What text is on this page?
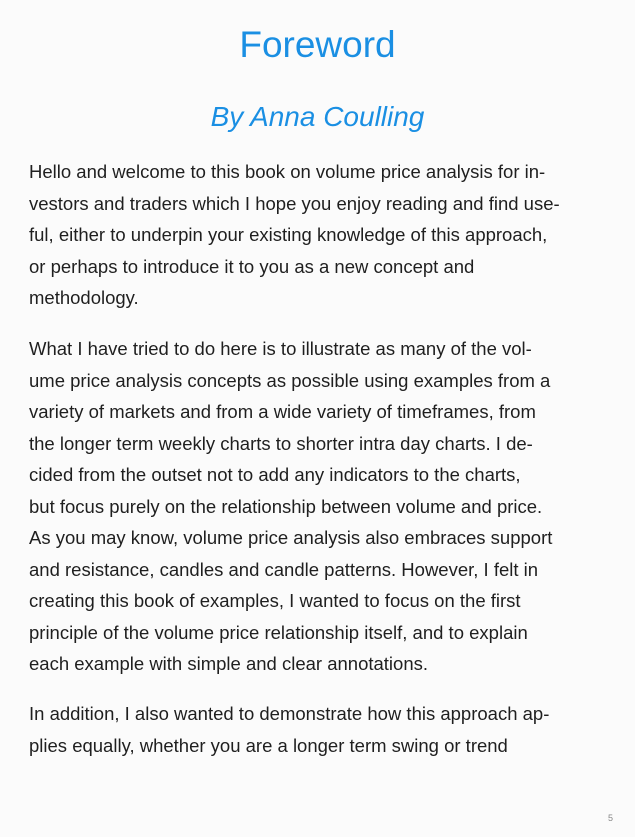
Foreword
By Anna Coulling

Hello and welcome to this book on volume price analysis for in-
vestors and traders which I hope you enjoy reading and find use-
ful, either to underpin your existing knowledge of this approach,
or perhaps to introduce it to you as a new concept and
methodology.

What I have tried to do here is to illustrate as many of the vol-
ume price analysis concepts as possible using examples from a
variety of markets and from a wide variety of timeframes, from
the longer term weekly charts to shorter intra day charts. I de-
cided from the outset not to add any indicators to the charts,
but focus purely on the relationship between volume and price.
As you may know, volume price analysis also embraces support
and resistance, candles and candle patterns. However, I felt in
creating this book of examples, I wanted to focus on the first
principle of the volume price relationship itself, and to explain
each example with simple and clear annotations.

In addition, I also wanted to demonstrate how this approach ap-
plies equally, whether you are a longer term swing or trend

5
